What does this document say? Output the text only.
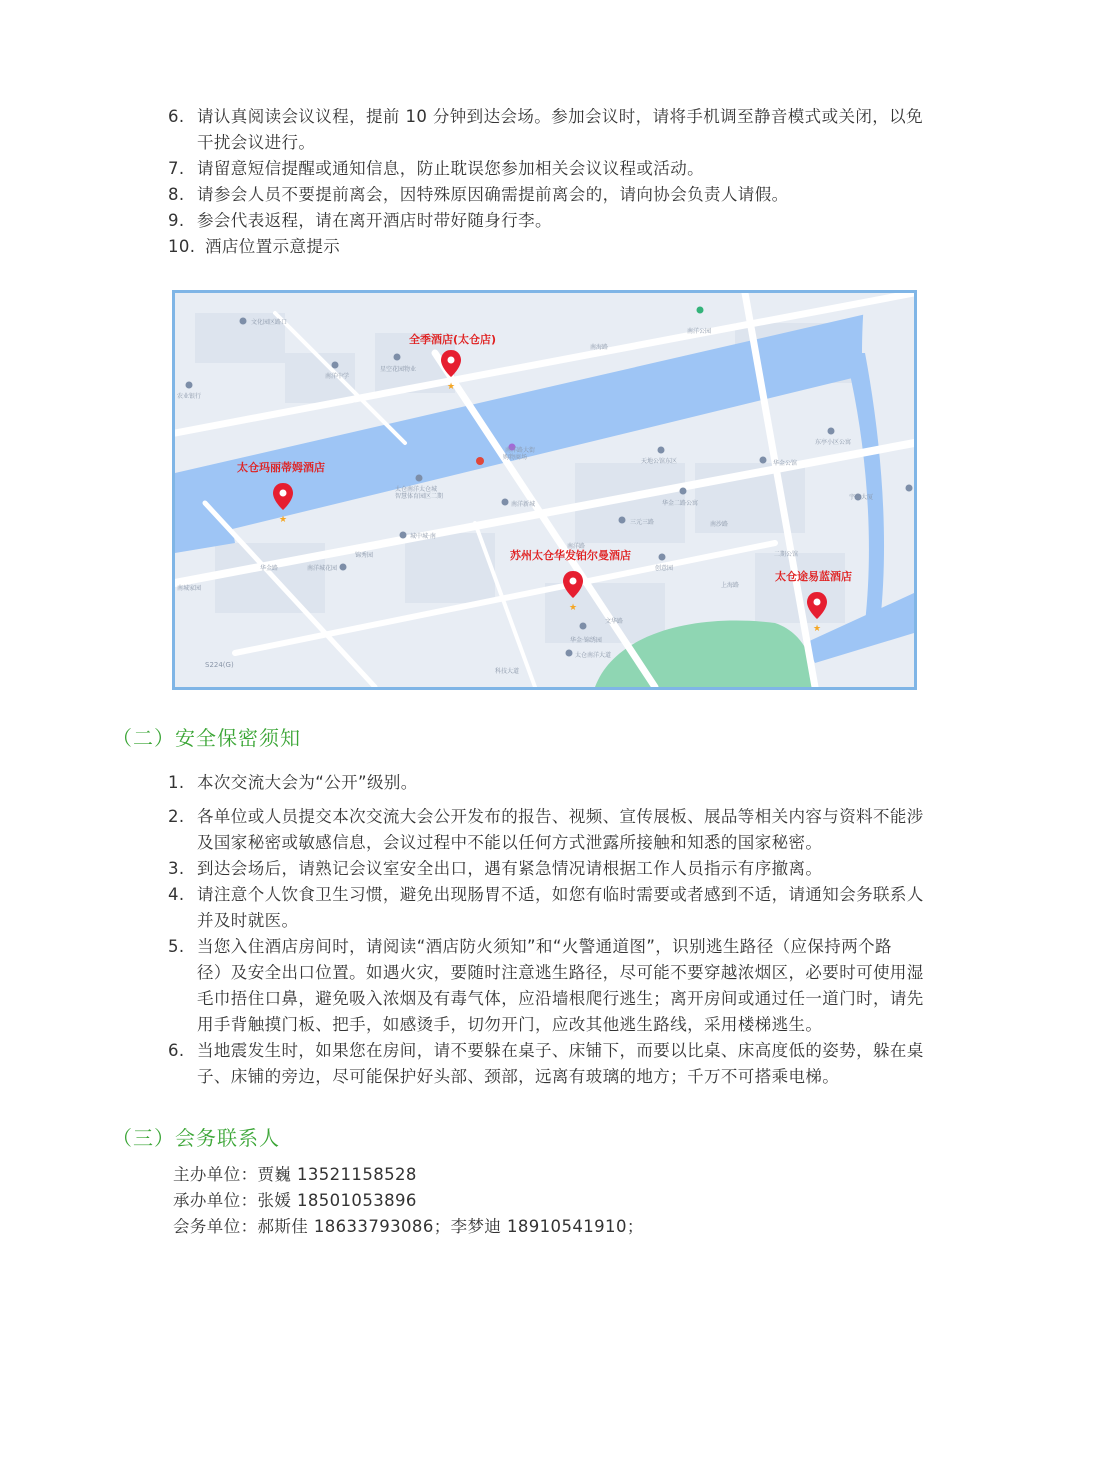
6. 请认真阅读会议议程，提前 10 分钟到达会场。参加会议时，请将手机调至静音模式或关闭，以免
干扰会议进行。
7. 请留意短信提醒或通知信息，防止耽误您参加相关会议议程或活动。
8. 请参会人员不要提前离会，因特殊原因确需提前离会的，请向协会负责人请假。
9. 参会代表返程，请在离开酒店时带好随身行李。
10. 酒店位置示意提示
文化园区路口
南洋中学
农业银行
星空花园物业
南洋公园
南海路
南洋路大街
购物商场
天地公馆东区	华金公馆
东亭小区公寓
宇宙大厦
太仓南洋太仓城
智慧体育园区二期
南洋新城
城中城·南
锦秀园
三元三路
华金二路公寓
南洋路
上海路
创意园
二期公馆
南沙路
华金·锦绣园
太仓南洋大道
南城家园
华金路	南洋城花园
S224(G)
文华路
科技大道
★
★
★
★
全季酒店(太仓店)
太仓玛丽蒂姆酒店
苏州太仓华发铂尔曼酒店
太仓途易蓝酒店
（二）安全保密须知
1. 本次交流大会为“公开”级别。
2. 各单位或人员提交本次交流大会公开发布的报告、视频、宣传展板、展品等相关内容与资料不能涉
及国家秘密或敏感信息，会议过程中不能以任何方式泄露所接触和知悉的国家秘密。
3. 到达会场后，请熟记会议室安全出口，遇有紧急情况请根据工作人员指示有序撤离。
4. 请注意个人饮食卫生习惯，避免出现肠胃不适，如您有临时需要或者感到不适，请通知会务联系人
并及时就医。
5. 当您入住酒店房间时，请阅读“酒店防火须知”和“火警通道图”，识别逃生路径（应保持两个路
径）及安全出口位置。如遇火灾，要随时注意逃生路径，尽可能不要穿越浓烟区，必要时可使用湿
毛巾捂住口鼻，避免吸入浓烟及有毒气体，应沿墙根爬行逃生；离开房间或通过任一道门时，请先
用手背触摸门板、把手，如感烫手，切勿开门，应改其他逃生路线，采用楼梯逃生。
6. 当地震发生时，如果您在房间，请不要躲在桌子、床铺下，而要以比桌、床高度低的姿势，躲在桌
子、床铺的旁边，尽可能保护好头部、颈部，远离有玻璃的地方；千万不可搭乘电梯。
（三）会务联系人
主办单位：贾巍 13521158528
承办单位：张媛 18501053896
会务单位：郝斯佳 18633793086；李梦迪 18910541910；
